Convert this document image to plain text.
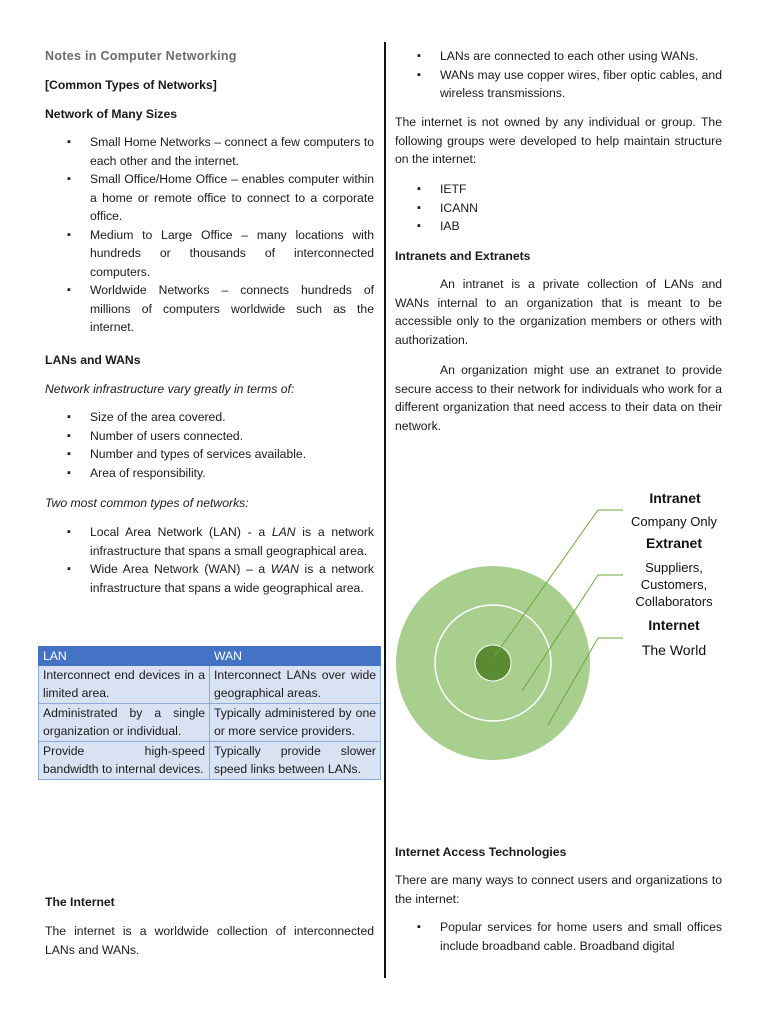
Notes in Computer Networking

[Common Types of Networks]

Network of Many Sizes

▪ Small Home Networks – connect a few computers to each other and the internet.
▪ Small Office/Home Office – enables computer within a home or remote office to connect to a corporate office.
▪ Medium to Large Office – many locations with hundreds or thousands of interconnected computers.
▪ Worldwide Networks – connects hundreds of millions of computers worldwide such as the internet.

LANs and WANs

Network infrastructure vary greatly in terms of:

▪ Size of the area covered.
▪ Number of users connected.
▪ Number and types of services available.
▪ Area of responsibility.

Two most common types of networks:

▪ Local Area Network (LAN) - a LAN is a network infrastructure that spans a small geographical area.
▪ Wide Area Network (WAN) – a WAN is a network infrastructure that spans a wide geographical area.
LAN	WAN
Interconnect end devices in a limited area.	Interconnect LANs over wide geographical areas.
Administrated by a single organization or individual.	Typically administered by one or more service providers.
Provide high-speed bandwidth to internal devices.	Typically provide slower speed links between LANs.

The Internet

The internet is a worldwide collection of interconnected LANs and WANs.

▪ LANs are connected to each other using WANs.
▪ WANs may use copper wires, fiber optic cables, and wireless transmissions.

The internet is not owned by any individual or group. The following groups were developed to help maintain structure on the internet:

▪ IETF
▪ ICANN
▪ IAB

Intranets and Extranets

An intranet is a private collection of LANs and WANs internal to an organization that is meant to be accessible only to the organization members or others with authorization.

An organization might use an extranet to provide secure access to their network for individuals who work for a different organization that need access to their data on their network.

Internet Access Technologies

There are many ways to connect users and organizations to the internet:

▪ Popular services for home users and small offices include broadband cable. Broadband digital
Intranet
Company Only
Extranet
Suppliers, Customers, Collaborators
Internet
The World
